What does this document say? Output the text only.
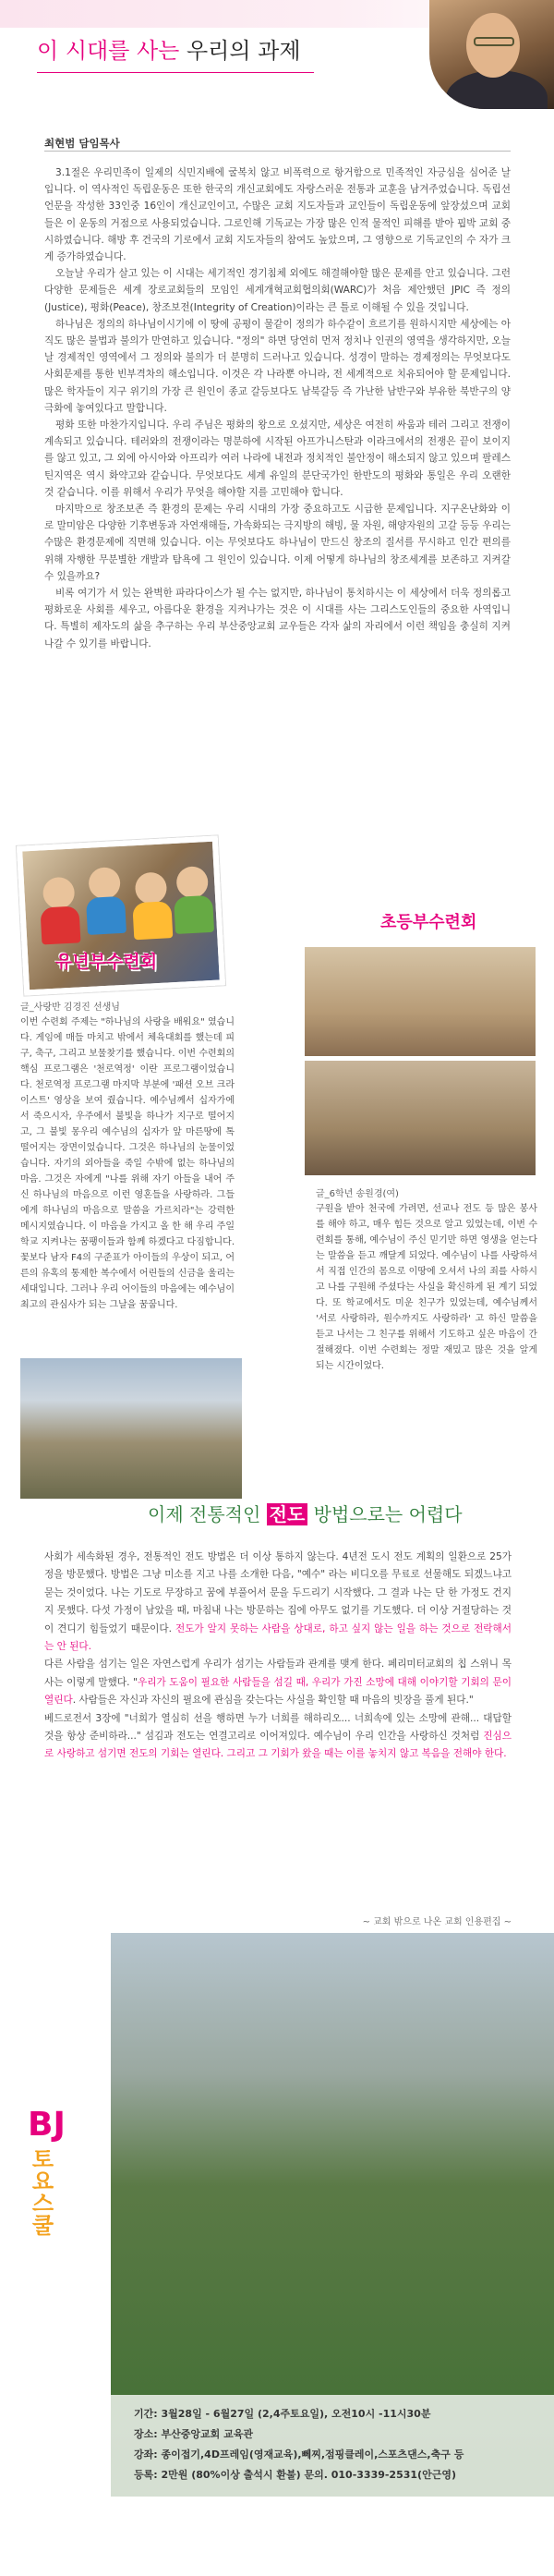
이 시대를 사는 우리의 과제
최현범 담임목사

3.1절은 우리민족이 일제의 식민지배에 굴복치 않고 비폭력으로 항거함으로 민족적인 자긍심을 심어준 날입니다. 이 역사적인 독립운동은 또한 한국의 개신교회에도 자랑스러운 전통과 교훈을 남겨주었습니다. 독립선언문을 작성한 33인중 16인이 개신교인이고, 수많은 교회 지도자들과 교인들이 독립운동에 앞장섰으며 교회들은 이 운동의 거점으로 사용되었습니다. 그로인해 기독교는 가장 많은 인적 물적인 피해를 받아 핍박 교회 중시하였습니다. 해방 후 건국의 기로에서 교회 지도자들의 참여도 높았으며, 그 영향으로 기독교인의 수 자가 크게 증가하였습니다.

오늘날 우리가 살고 있는 이 시대는 세기적인 경기침체 외에도 해결해야할 많은 문제를 안고 있습니다. 그런 다양한 문제들은 세계 장로교회들의 모임인 세계개혁교회협의회(WARC)가 처음 제안했던 JPIC 즉 정의(Justice), 평화(Peace), 창조보전(Integrity of Creation)이라는 큰 틀로 이해될 수 있을 것입니다.

하나님은 정의의 하나님이시기에 이 땅에 공평이 물같이 정의가 하수같이 흐르기를 원하시지만 세상에는 아직도 많은 불법과 불의가 만연하고 있습니다. "정의" 하면 당연히 먼저 정치나 인권의 영역을 생각하지만, 오늘날 경제적인 영역에서 그 정의와 불의가 더 분명히 드러나고 있습니다. 성경이 말하는 경제정의는 무엇보다도 사회문제를 통한 빈부격차의 해소입니다. 이것은 각 나라뿐 아니라, 전 세계적으로 치유되어야 할 문제입니다. 많은 학자들이 지구 위기의 가장 큰 원인이 종교 갈등보다도 남북갈등 즉 가난한 남반구와 부유한 북반구의 양극화에 놓여있다고 말합니다.

평화 또한 마찬가지입니다. 우리 주님은 평화의 왕으로 오셨지만, 세상은 여전히 싸움과 테러 그리고 전쟁이 계속되고 있습니다. 테러와의 전쟁이라는 명분하에 시작된 아프가니스탄과 이라크에서의 전쟁은 끝이 보이지를 않고 있고, 그 외에 아시아와 아프리카 여러 나라에 내전과 정치적인 불안정이 해소되지 않고 있으며 팔레스틴지역은 역시 화약고와 같습니다. 무엇보다도 세계 유일의 분단국가인 한반도의 평화와 통일은 우리 오랜한 것 같습니다. 이를 위해서 우리가 무엇을 해야할 지를 고민해야 합니다.

마지막으로 창조보존 즉 환경의 문제는 우리 시대의 가장 중요하고도 시급한 문제입니다. 지구온난화와 이로 말미암은 다양한 기후변동과 자연재해들, 가속화되는 극지방의 해빙, 물 자원, 해양자원의 고갈 등등 우리는 수많은 환경문제에 직면해 있습니다. 이는 무엇보다도 하나님이 만드신 창조의 질서를 무시하고 인간 편의를 위해 자행한 무분별한 개발과 탐욕에 그 원인이 있습니다. 이제 어떻게 하나님의 창조세계를 보존하고 지켜갈 수 있을까요?

비록 여기가 서 있는 완벽한 파라다이스가 될 수는 없지만, 하나님이 통치하시는 이 세상에서 더욱 정의롭고 평화로운 사회를 세우고, 아름다운 환경을 지켜나가는 것은 이 시대를 사는 그리스도인들의 중요한 사역입니다. 특별히 제자도의 삶을 추구하는 우리 부산중앙교회 교우들은 각자 삶의 자리에서 이런 책임을 충실히 지켜나갈 수 있기를 바랍니다.

유년부수련회
초등부수련회
글_사랑반 김경진 선생님
이번 수련회 주제는 "하나님의 사랑을 배워요" 였습니다. 게임에 매들 마치고 밖에서 체육대회를 했는데 피구, 축구, 그리고 보물찾기를 했습니다. 이번 수련회의 핵심 프로그램은 '천로역정' 이란 프로그램이었습니다. 천로역정 프로그램 마지막 부분에 '패션 오브 크라이스트' 영상을 보여 줬습니다. 예수님께서 십자가에 서 죽으시자, 우주에서 불빛을 하나가 지구로 떨어지고, 그 불빛 몽우리 예수님의 십자가 앞 마른땅에 톡 떨어지는 장면이었습니다. 그것은 하나님의 눈물이었습니다. 자기의 외아들을 죽일 수밖에 없는 하나님의 마음. 그것은 자에게 "나를 위해 자기 아들을 내어 주신 하나님의 마음으로 이런 영혼들을 사랑하라. 그들에게 하나님의 마음으로 말씀을 가르치라"는 강력한 메시지였습니다. 이 마음을 가지고 올 한 해 우리 주일학교 지켜나는 꿈팽이들과 함께 하겠다고 다짐합니다. 꽃보다 남자 F4의 구준표가 아이들의 우상이 되고, 어른의 유혹의 통제한 복수에서 어린들의 신금을 울리는 세대입니다. 그러나 우리 어이들의 마음에는 예수님이 최고의 관심사가 되는 그날을 꿈꿉니다.
글_6학년 송원경(여)
구원을 받아 천국에 가려면, 선교나 전도 등 많은 봉사를 해야 하고, 매우 힘든 것으로 알고 있었는데, 이번 수련회를 통해, 예수님이 주신 믿기만 하면 영생을 얻는다는 말씀을 듣고 깨달게 되었다. 예수님이 나를 사랑하셔서 직접 인간의 몸으로 이땅에 오셔서 나의 죄를 사하시고 나를 구원해 주셨다는 사실을 확신하게 된 계기 되었다. 또 학교에서도 미운 친구가 있었는데, 예수님께서 '서로 사랑하라, 원수까지도 사랑하라' 고 하신 말씀을 듣고 나서는 그 친구를 위해서 기도하고 싶은 마음이 간절해졌다. 이번 수련회는 정말 재밌고 많은 것을 알게 되는 시간이었다.
이제 전통적인 전도 방법으로는 어렵다

사회가 세속화된 경우, 전통적인 전도 방법은 더 이상 통하지 않는다. 4년전 도시 전도 계획의 일환으로 25가정을 방문했다. 방법은 그냥 미소를 지고 나를 소개한 다음, "예수" 라는 비디오를 무료로 선물해도 되겠느냐고 묻는 것이었다. 나는 기도로 무장하고 꿈에 부풀어서 문을 두드리기 시작했다. 그 결과 나는 단 한 가정도 건지지 못했다. 다섯 가정이 남았을 때, 마침내 나는 방문하는 집에 아무도 없기를 기도했다. 더 이상 거절당하는 것이 견디기 힘들었기 때문이다. 전도가 알지 못하는 사람을 상대로, 하고 싶지 않는 일을 하는 것으로 전락해서는 안 된다.

다른 사람을 섬기는 일은 자연스럽게 우리가 섬기는 사람들과 관계를 맺게 한다. 페리미터교회의 칩 스위니 목사는 이렇게 말했다. "우리가 도움이 필요한 사람들을 섬길 때, 우리가 가진 소망에 대해 이야기할 기회의 문이 열린다. 사람들은 자신과 자신의 필요에 관심을 갖는다는 사실을 확인할 때 마음의 빗장을 풀게 된다."

베드로전서 3장에 "너희가 열심히 선을 행하면 누가 너희를 해하리오... 너희속에 있는 소망에 관해... 대답할 것을 항상 준비하라..." 섬김과 전도는 연결고리로 이어져있다. 예수님이 우리 인간을 사랑하신 것처럼 진심으로 사랑하고 섬기면 전도의 기회는 열린다. 그리고 그 기회가 왔을 때는 이를 놓치지 않고 복음을 전해야 한다.

~ 교회 밖으로 나온 교회 인용편집 ~
BJ
토요스쿨
기간: 3월28일 - 6월27일 (2,4주토요일), 오전10시 -11시30분
장소: 부산중앙교회 교육관
강좌: 종이접기,4D프레임(영재교육),뻬찌,점핑클레이,스포츠댄스,축구 등
등록: 2만원 (80%이상 출석시 환불) 문의. 010-3339-2531(안근영)
